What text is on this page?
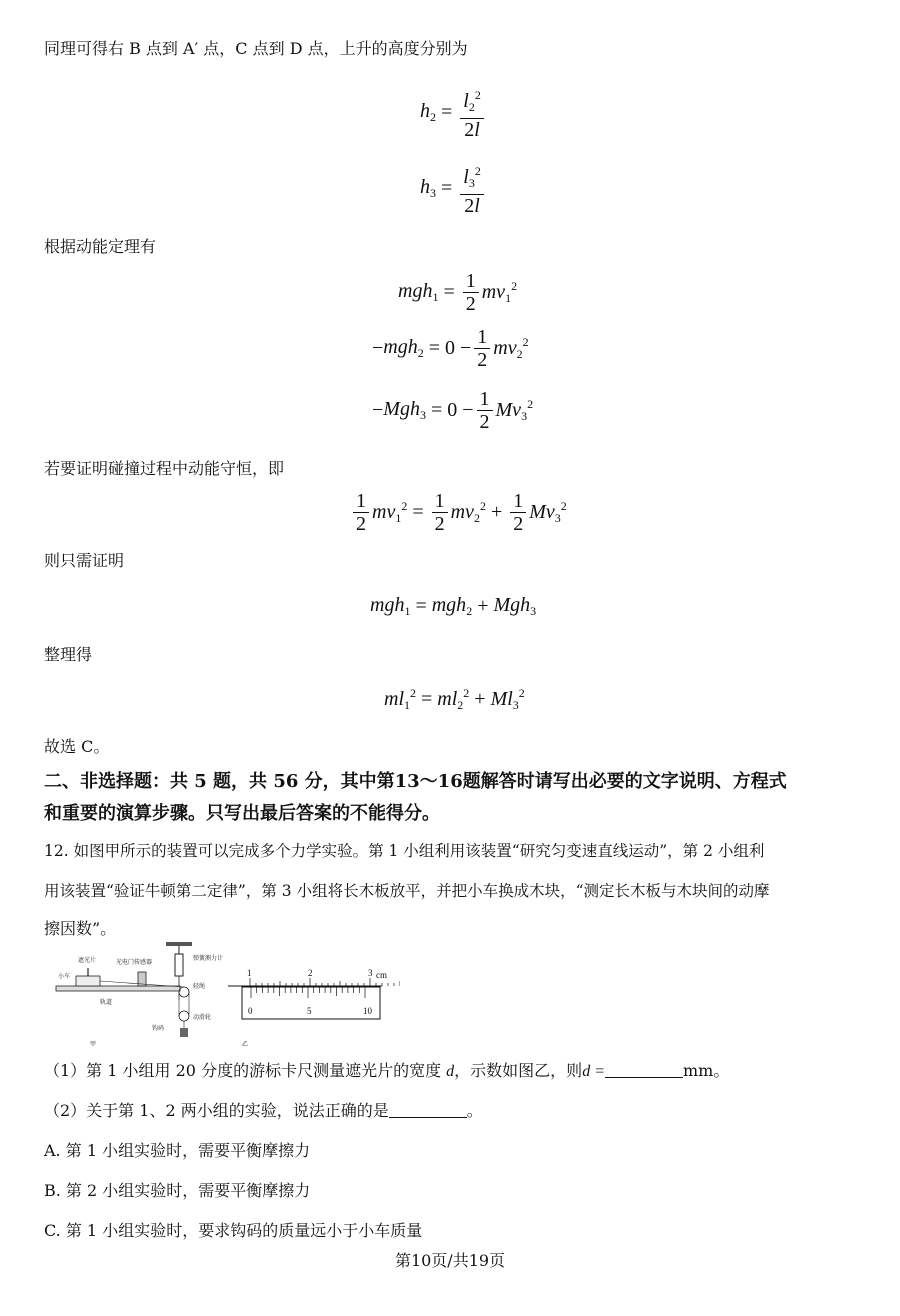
同理可得右 B 点到 A′ 点，C 点到 D 点，上升的高度分别为
$h_2 = \frac{l_2^2}{2l}$
$h_3 = \frac{l_3^2}{2l}$
根据动能定理有
$mgh_1 = \frac{1}{2} mv_1^2$
− $mgh_2 = 0 - \frac{1}{2} mv_2^2$
− $Mgh_3 = 0 - \frac{1}{2} Mv_3^2$
若要证明碰撞过程中动能守恒，即
$\frac{1}{2} mv_1^2 = \frac{1}{2} mv_2^2 + \frac{1}{2} Mv_3^2$
则只需证明
mgh$_1$ = mgh$_2$ + Mgh$_3$
整理得
$ml_1^2 = ml_2^2 + Ml_3^2$
故选 C。
二、非选择题：共 5 题，共 56 分，其中第13～16题解答时请写出必要的文字说明、方程式
和重要的演算步骤。只写出最后答案的不能得分。
12. 如图甲所示的装置可以完成多个力学实验。第 1 小组利用该装置“研究匀变速直线运动”，第 2 小组利
用该装置“验证牛顿第二定律”，第 3 小组将长木板放平，并把小车换成木块，“测定长木板与木块间的动摩
擦因数”。
遮光片	光电门传感器
弹簧测力计
小车
轻绳
动滑轮
轨道
钩码
甲
1	2	3 cm
0	5	10
乙
（1）第 1 小组用 20 分度的游标卡尺测量遮光片的宽度 d，示数如图乙，则d =	mm。
（2）关于第 1、2 两小组的实验，说法正确的是	。
A. 第 1 小组实验时，需要平衡摩擦力
B. 第 2 小组实验时，需要平衡摩擦力
C. 第 1 小组实验时，要求钩码的质量远小于小车质量
第10页/共19页
